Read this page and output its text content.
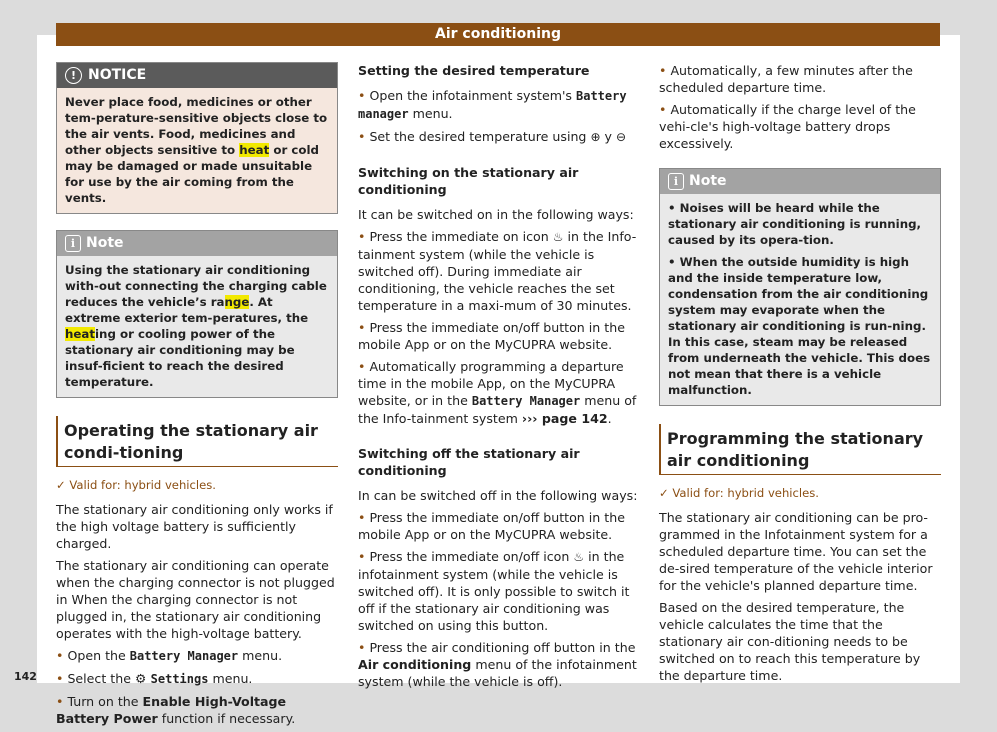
Air conditioning
142
! NOTICE
Never place food, medicines or other tem-perature-sensitive objects close to the air vents. Food, medicines and other objects sensitive to heat or cold may be damaged or made unsuitable for use by the air coming from the vents.
i Note
Using the stationary air conditioning with-out connecting the charging cable reduces the vehicle’s range. At extreme exterior tem-peratures, the heating or cooling power of the stationary air conditioning may be insuf-ficient to reach the desired temperature.
Operating the stationary air condi-tioning

✓ Valid for: hybrid vehicles.

The stationary air conditioning only works if the high voltage battery is sufficiently charged.

The stationary air conditioning can operate when the charging connector is not plugged in When the charging connector is not plugged in, the stationary air conditioning operates with the high-voltage battery.

• Open the Battery Manager menu.

• Select the ⚙ Settings menu.

• Turn on the Enable High-Voltage Battery Power function if necessary.

Setting the desired temperature

• Open the infotainment system's Battery manager menu.

• Set the desired temperature using ⊕ y ⊖

Switching on the stationary air conditioning

It can be switched on in the following ways:

• Press the immediate on icon ♨ in the Info-tainment system (while the vehicle is switched off). During immediate air conditioning, the vehicle reaches the set temperature in a maxi-mum of 30 minutes.

• Press the immediate on/off button in the mobile App or on the MyCUPRA website.

• Automatically programming a departure time in the mobile App, on the MyCUPRA website, or in the Battery Manager menu of the Info-tainment system ››› page 142.

Switching off the stationary air conditioning

In can be switched off in the following ways:

• Press the immediate on/off button in the mobile App or on the MyCUPRA website.

• Press the immediate on/off icon ♨ in the infotainment system (while the vehicle is switched off). It is only possible to switch it off if the stationary air conditioning was switched on using this button.

• Press the air conditioning off button in the Air conditioning menu of the infotainment system (while the vehicle is off).

• Automatically, a few minutes after the scheduled departure time.

• Automatically if the charge level of the vehi-cle's high-voltage battery drops excessively.

i Note

• Noises will be heard while the stationary air conditioning is running, caused by its opera-tion.

• When the outside humidity is high and the inside temperature low, condensation from the air conditioning system may evaporate when the stationary air conditioning is run-ning. In this case, steam may be released from underneath the vehicle. This does not mean that there is a vehicle malfunction.

Programming the stationary air conditioning

✓ Valid for: hybrid vehicles.

The stationary air conditioning can be pro-grammed in the Infotainment system for a scheduled departure time. You can set the de-sired temperature of the vehicle interior for the vehicle's planned departure time.

Based on the desired temperature, the vehicle calculates the time that the stationary air con-ditioning needs to be switched on to reach this temperature by the departure time.
